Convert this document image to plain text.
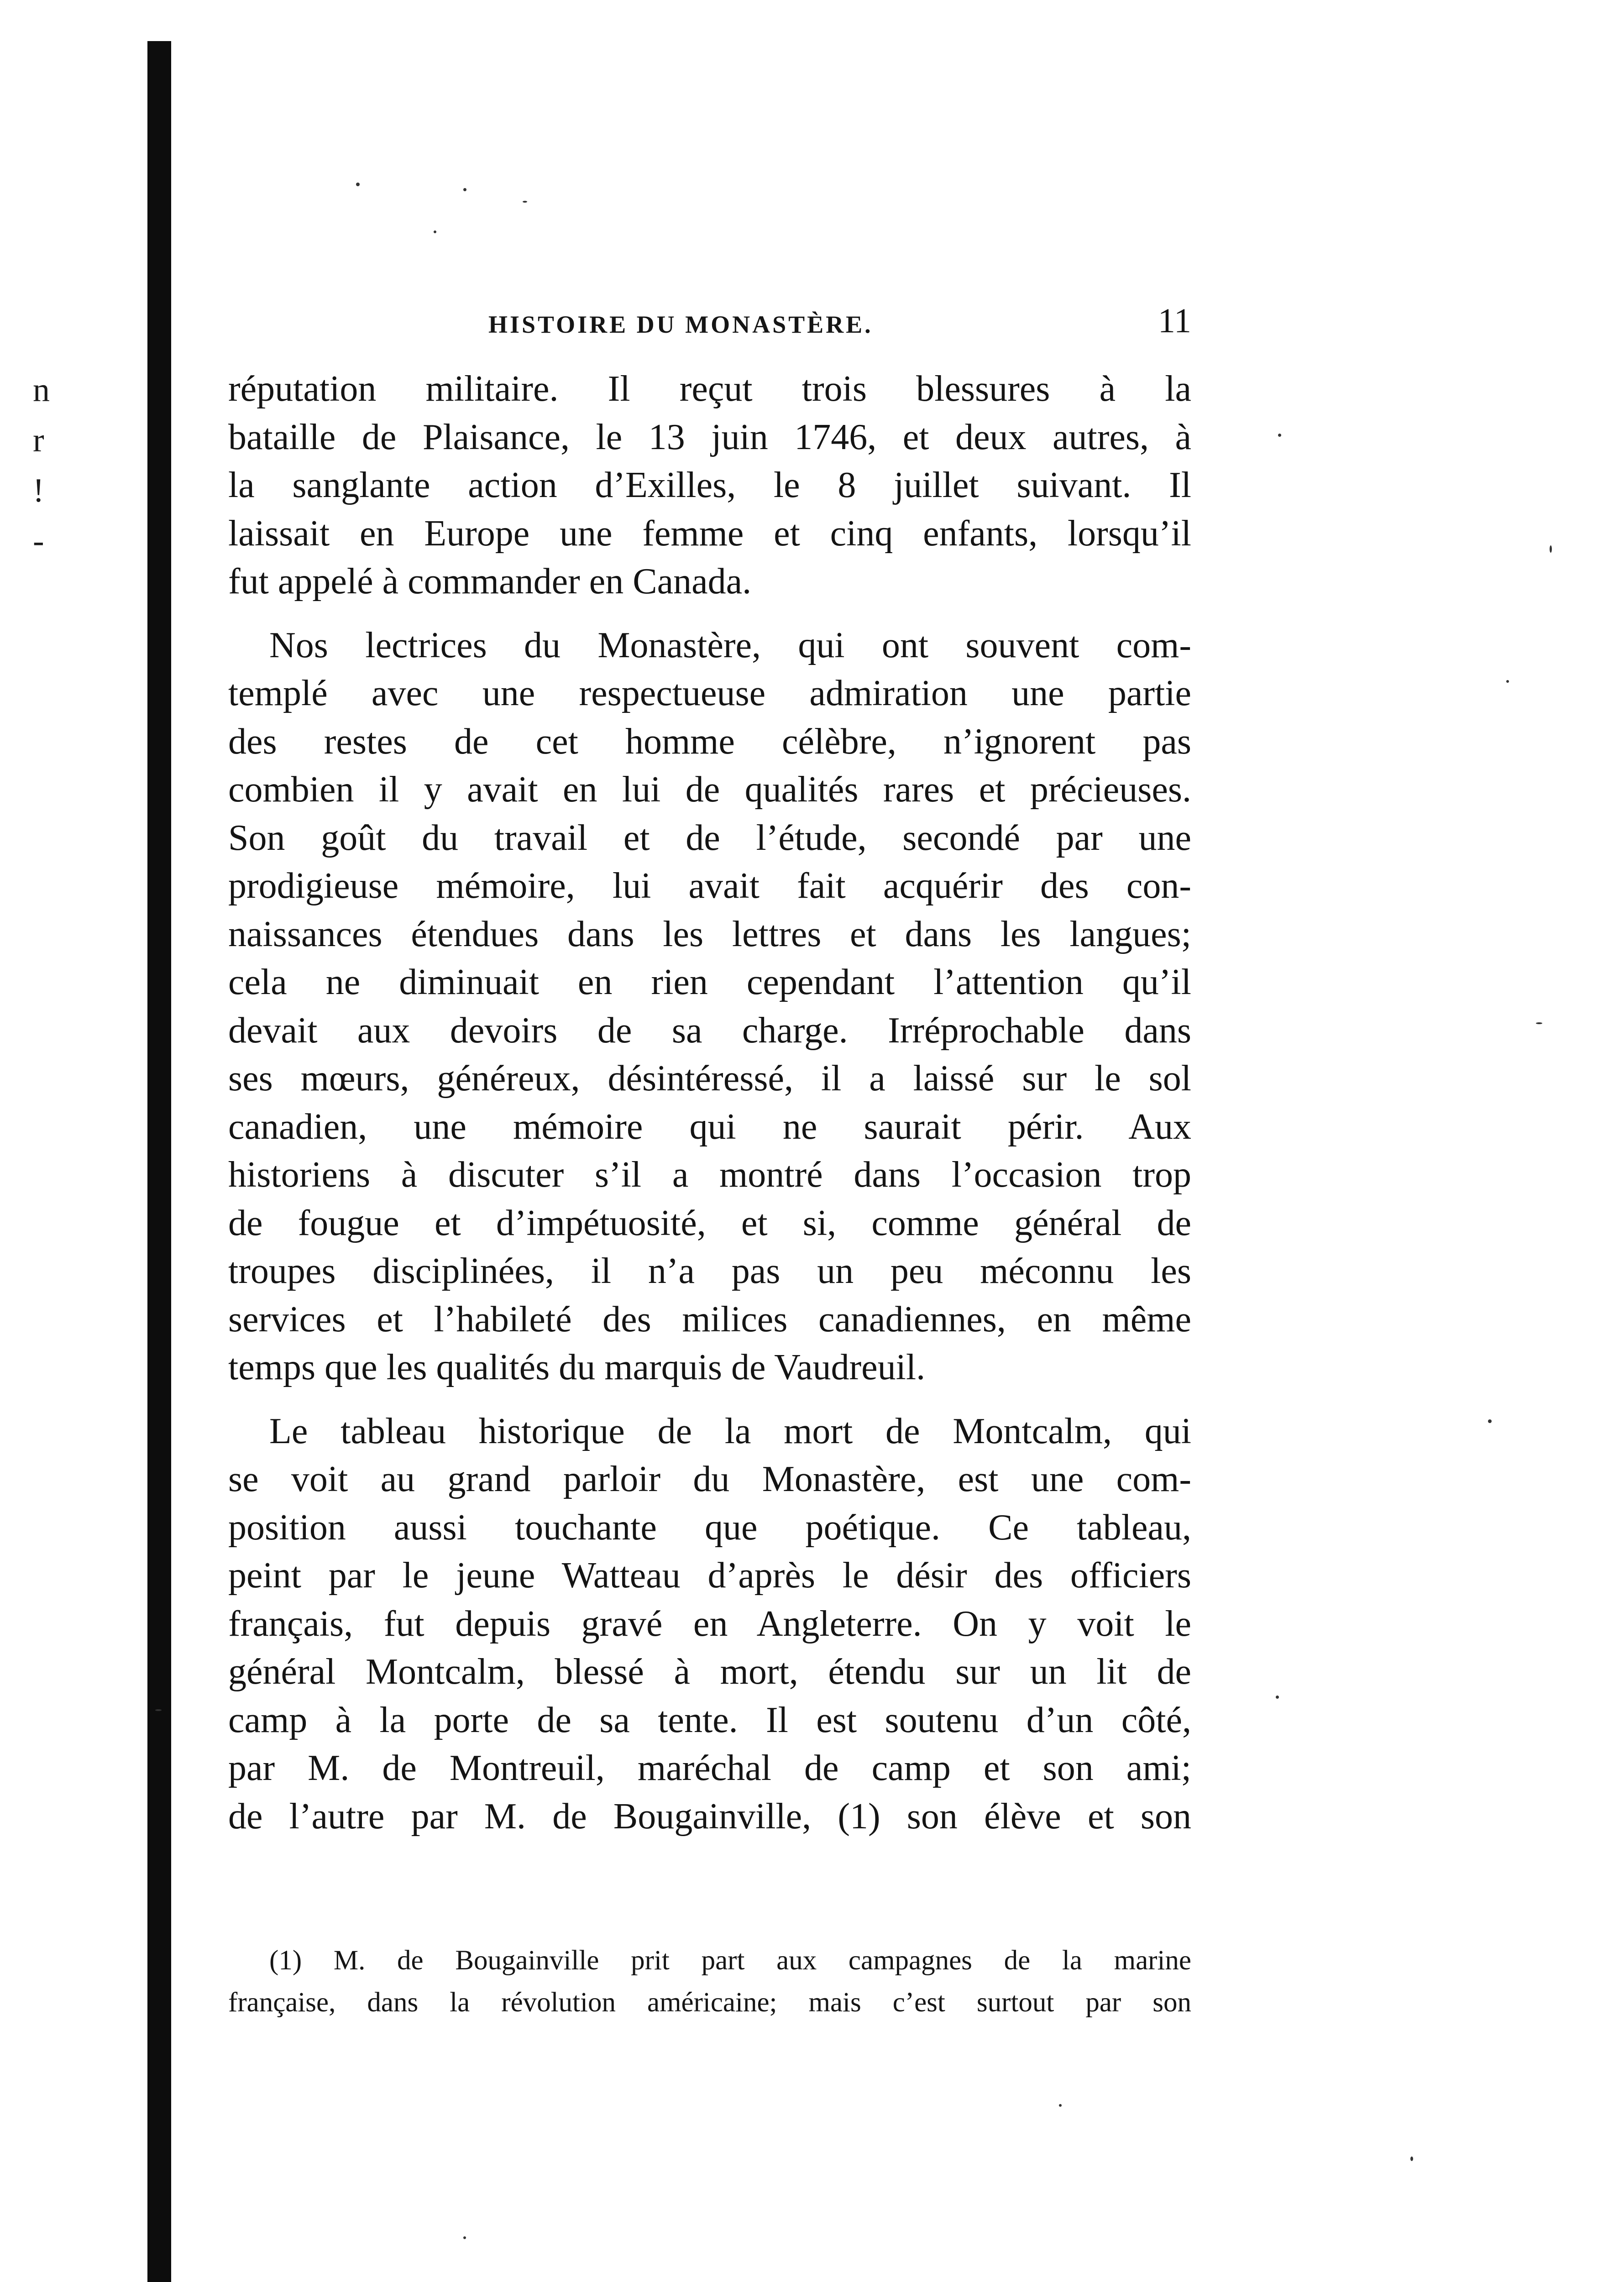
n
r
!
-
HISTOIRE DU MONASTÈRE.	11
réputation militaire. Il reçut trois blessures à la
bataille de Plaisance, le 13 juin 1746, et deux autres, à
la sanglante action d’Exilles, le 8 juillet suivant. Il
laissait en Europe une femme et cinq enfants, lorsqu’il
fut appelé à commander en Canada.
Nos lectrices du Monastère, qui ont souvent com-
templé avec une respectueuse admiration une partie
des restes de cet homme célèbre, n’ignorent pas
combien il y avait en lui de qualités rares et précieuses.
Son goût du travail et de l’étude, secondé par une
prodigieuse mémoire, lui avait fait acquérir des con-
naissances étendues dans les lettres et dans les langues;
cela ne diminuait en rien cependant l’attention qu’il
devait aux devoirs de sa charge. Irréprochable dans
ses mœurs, généreux, désintéressé, il a laissé sur le sol
canadien, une mémoire qui ne saurait périr. Aux
historiens à discuter s’il a montré dans l’occasion trop
de fougue et d’impétuosité, et si, comme général de
troupes disciplinées, il n’a pas un peu méconnu les
services et l’habileté des milices canadiennes, en même
temps que les qualités du marquis de Vaudreuil.
Le tableau historique de la mort de Montcalm, qui
se voit au grand parloir du Monastère, est une com-
position aussi touchante que poétique. Ce tableau,
peint par le jeune Watteau d’après le désir des officiers
français, fut depuis gravé en Angleterre. On y voit le
général Montcalm, blessé à mort, étendu sur un lit de
camp à la porte de sa tente. Il est soutenu d’un côté,
par M. de Montreuil, maréchal de camp et son ami;
de l’autre par M. de Bougainville, (1) son élève et son
(1) M. de Bougainville prit part aux campagnes de la marine
française, dans la révolution américaine; mais c’est surtout par son
